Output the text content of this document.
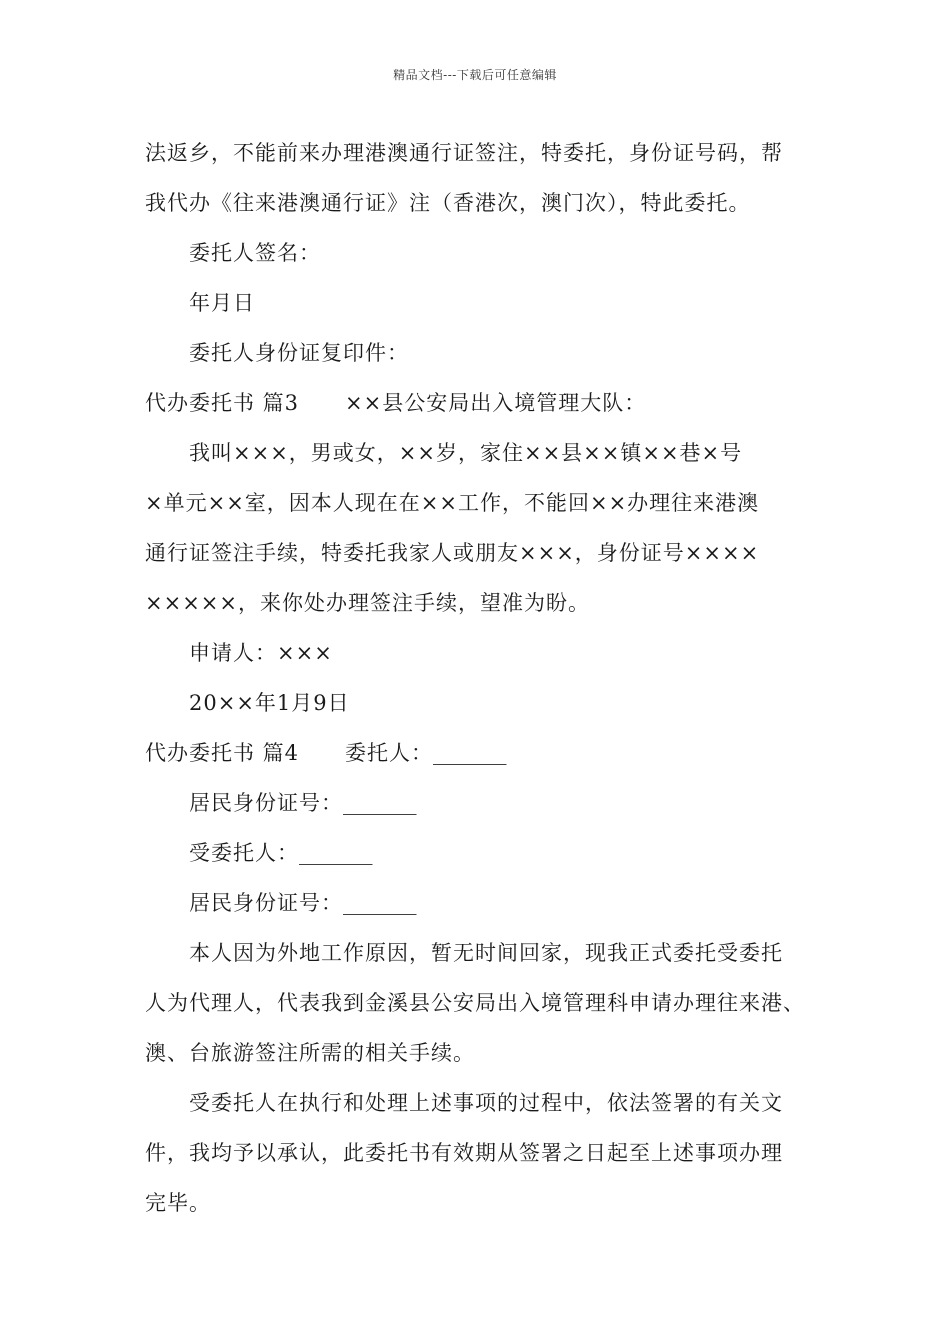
精品文档---下载后可任意编辑
法返乡，不能前来办理港澳通行证签注，特委托，身份证号码，帮
我代办《往来港澳通行证》注（香港次，澳门次），特此委托。
委托人签名：
年月日
委托人身份证复印件：
代办委托书 篇3 ××县公安局出入境管理大队：
我叫×××，男或女，××岁，家住××县××镇××巷×号
×单元××室，因本人现在在××工作，不能回××办理往来港澳
通行证签注手续，特委托我家人或朋友×××，身份证号××××
×××××，来你处办理签注手续，望准为盼。
申请人：×××
20××年1月9日
代办委托书 篇4 委托人：_______
居民身份证号：_______
受委托人：_______
居民身份证号：_______
本人因为外地工作原因，暂无时间回家，现我正式委托受委托
人为代理人，代表我到金溪县公安局出入境管理科申请办理往来港、
澳、台旅游签注所需的相关手续。
受委托人在执行和处理上述事项的过程中，依法签署的有关文
件，我均予以承认，此委托书有效期从签署之日起至上述事项办理
完毕。
